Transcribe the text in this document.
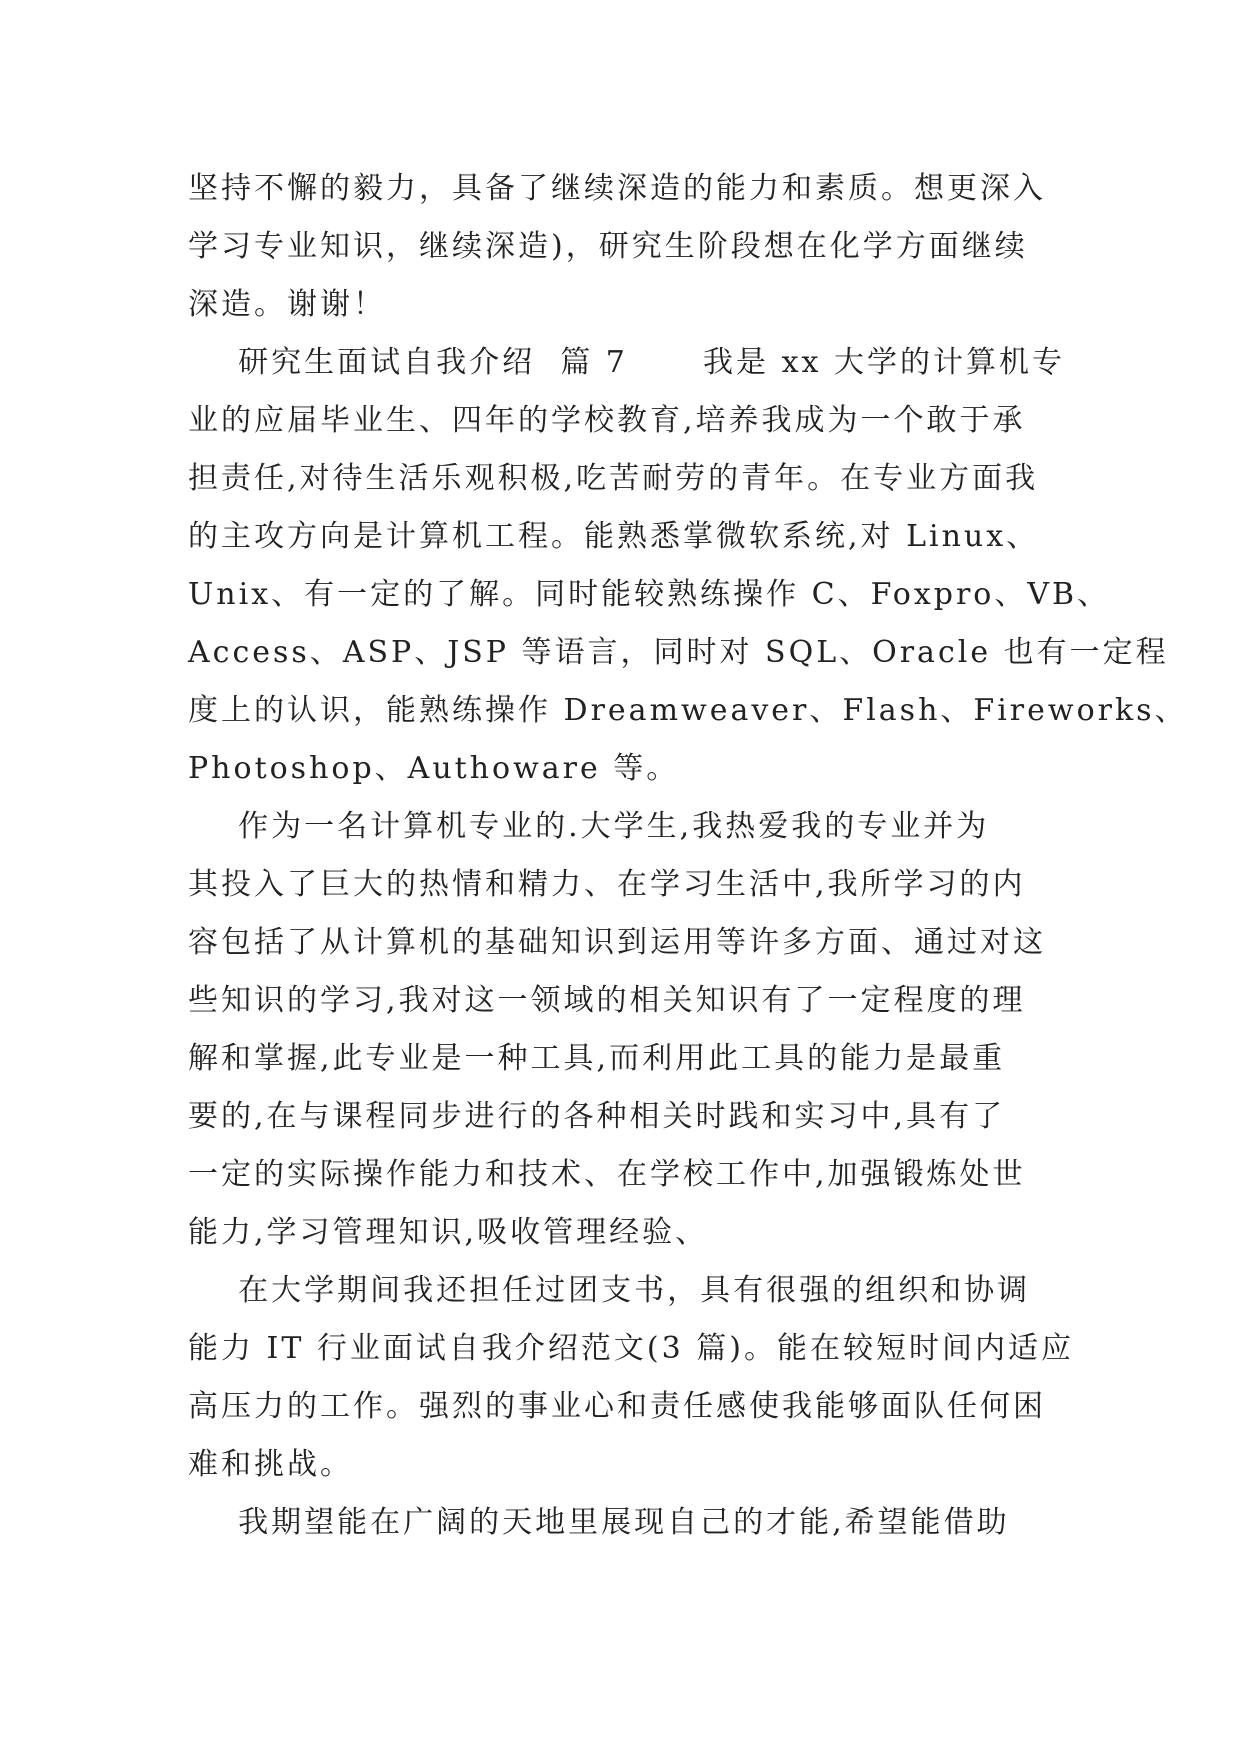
坚持不懈的毅力，具备了继续深造的能力和素质。想更深入

学习专业知识，继续深造)，研究生阶段想在化学方面继续

深造。谢谢！

研究生面试自我介绍  篇 7      我是 xx 大学的计算机专

业的应届毕业生、四年的学校教育,培养我成为一个敢于承

担责任,对待生活乐观积极,吃苦耐劳的青年。在专业方面我

的主攻方向是计算机工程。能熟悉掌微软系统,对 Linux、

Unix、有一定的了解。同时能较熟练操作 C、Foxpro、VB、

Access、ASP、JSP 等语言，同时对 SQL、Oracle 也有一定程

度上的认识，能熟练操作 Dreamweaver、Flash、Fireworks、

Photoshop、Authoware 等。

作为一名计算机专业的.大学生,我热爱我的专业并为

其投入了巨大的热情和精力、在学习生活中,我所学习的内

容包括了从计算机的基础知识到运用等许多方面、通过对这

些知识的学习,我对这一领域的相关知识有了一定程度的理

解和掌握,此专业是一种工具,而利用此工具的能力是最重

要的,在与课程同步进行的各种相关时践和实习中,具有了

一定的实际操作能力和技术、在学校工作中,加强锻炼处世

能力,学习管理知识,吸收管理经验、

在大学期间我还担任过团支书，具有很强的组织和协调

能力 IT 行业面试自我介绍范文(3 篇)。能在较短时间内适应

高压力的工作。强烈的事业心和责任感使我能够面队任何困

难和挑战。

我期望能在广阔的天地里展现自己的才能,希望能借助
